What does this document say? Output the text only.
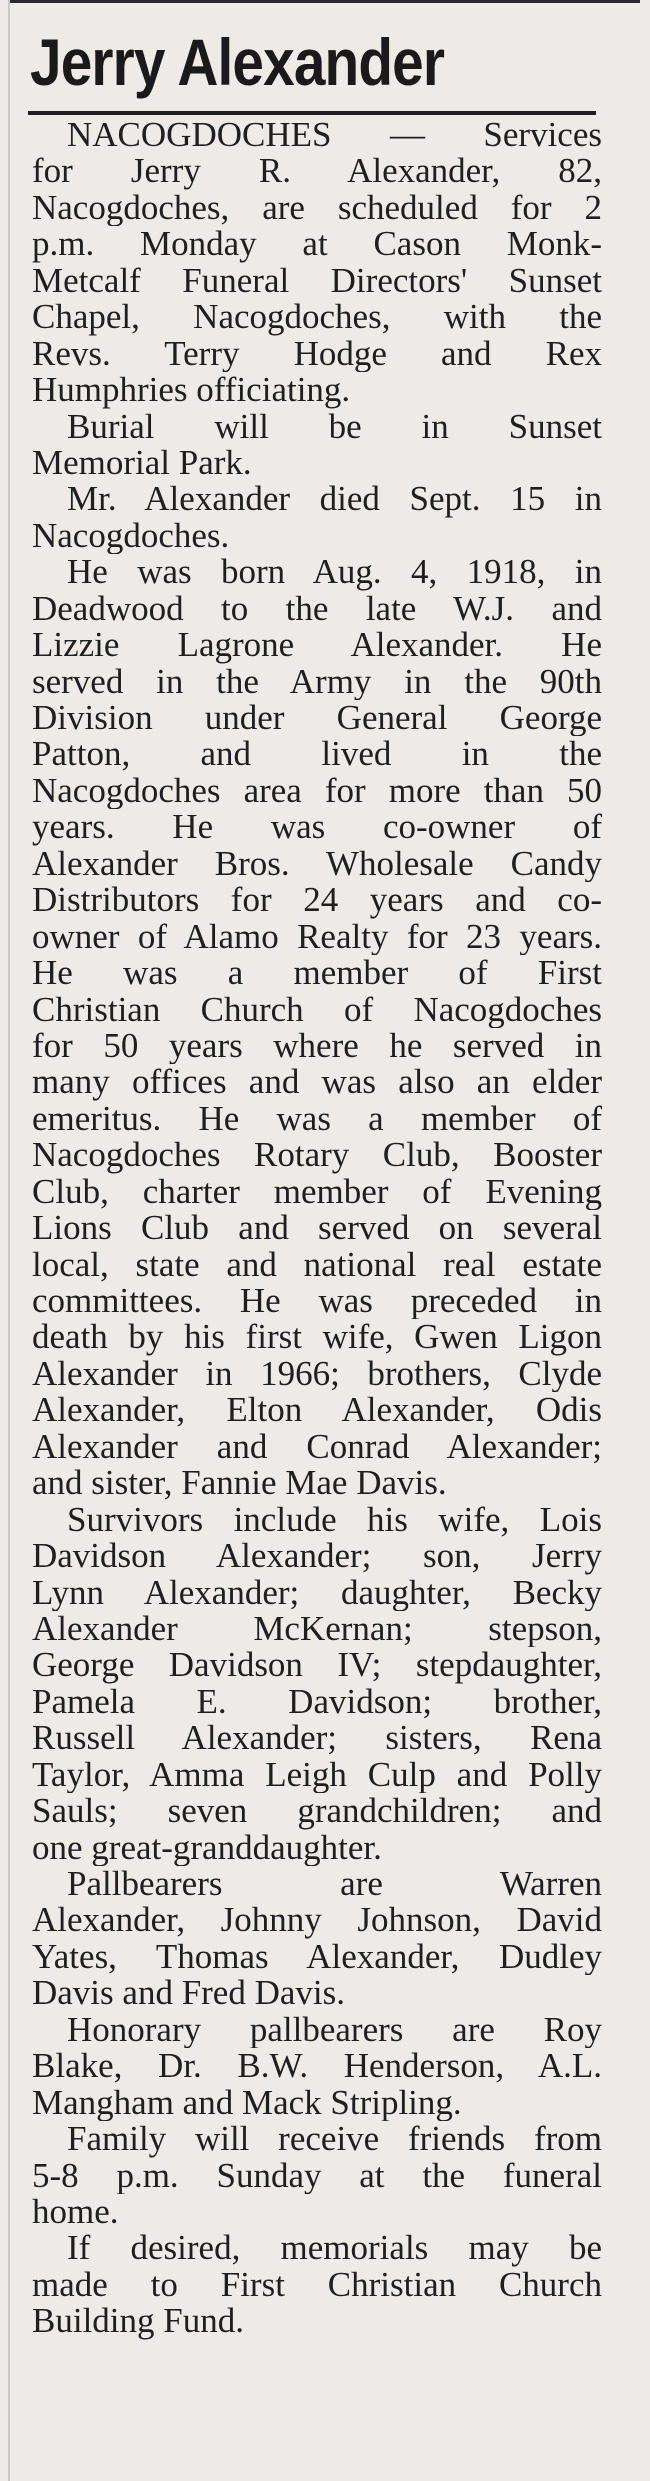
Jerry Alexander
NACOGDOCHES — Services
for Jerry R. Alexander, 82,
Nacogdoches, are scheduled for 2
p.m. Monday at Cason Monk-
Metcalf Funeral Directors' Sunset
Chapel, Nacogdoches, with the
Revs. Terry Hodge and Rex
Humphries officiating.
Burial will be in Sunset
Memorial Park.
Mr. Alexander died Sept. 15 in
Nacogdoches.
He was born Aug. 4, 1918, in
Deadwood to the late W.J. and
Lizzie Lagrone Alexander. He
served in the Army in the 90th
Division under General George
Patton, and lived in the
Nacogdoches area for more than 50
years. He was co-owner of
Alexander Bros. Wholesale Candy
Distributors for 24 years and co-
owner of Alamo Realty for 23 years.
He was a member of First
Christian Church of Nacogdoches
for 50 years where he served in
many offices and was also an elder
emeritus. He was a member of
Nacogdoches Rotary Club, Booster
Club, charter member of Evening
Lions Club and served on several
local, state and national real estate
committees. He was preceded in
death by his first wife, Gwen Ligon
Alexander in 1966; brothers, Clyde
Alexander, Elton Alexander, Odis
Alexander and Conrad Alexander;
and sister, Fannie Mae Davis.
Survivors include his wife, Lois
Davidson Alexander; son, Jerry
Lynn Alexander; daughter, Becky
Alexander McKernan; stepson,
George Davidson IV; stepdaughter,
Pamela E. Davidson; brother,
Russell Alexander; sisters, Rena
Taylor, Amma Leigh Culp and Polly
Sauls; seven grandchildren; and
one great-granddaughter.
Pallbearers are Warren
Alexander, Johnny Johnson, David
Yates, Thomas Alexander, Dudley
Davis and Fred Davis.
Honorary pallbearers are Roy
Blake, Dr. B.W. Henderson, A.L.
Mangham and Mack Stripling.
Family will receive friends from
5-8 p.m. Sunday at the funeral
home.
If desired, memorials may be
made to First Christian Church
Building Fund.
